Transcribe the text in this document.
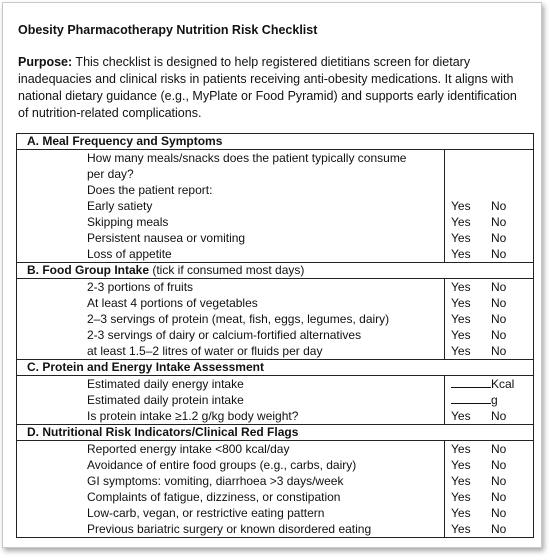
Obesity Pharmacotherapy Nutrition Risk Checklist
Purpose: This checklist is designed to help registered dietitians screen for dietary inadequacies and clinical risks in patients receiving anti-obesity medications. It aligns with national dietary guidance (e.g., MyPlate or Food Pyramid) and supports early identification of nutrition-related complications.
A. Meal Frequency and Symptoms	
How many meals/snacks does the patient typically consume	
per day?	
Does the patient report:	
Early satiety	Yes No
Skipping meals	Yes No
Persistent nausea or vomiting	Yes No
Loss of appetite	Yes No
B. Food Group Intake (tick if consumed most days)	
2-3 portions of fruits	Yes No
At least 4 portions of vegetables	Yes No
2–3 servings of protein (meat, fish, eggs, legumes, dairy)	Yes No
2-3 servings of dairy or calcium-fortified alternatives	Yes No
at least 1.5–2 litres of water or fluids per day	Yes No
C. Protein and Energy Intake Assessment	
Estimated daily energy intake	Kcal
Estimated daily protein intake	g
Is protein intake ≥1.2 g/kg body weight?	Yes No
D. Nutritional Risk Indicators/Clinical Red Flags	
Reported energy intake <800 kcal/day	Yes No
Avoidance of entire food groups (e.g., carbs, dairy)	Yes No
GI symptoms: vomiting, diarrhoea >3 days/week	Yes No
Complaints of fatigue, dizziness, or constipation	Yes No
Low-carb, vegan, or restrictive eating pattern	Yes No
Previous bariatric surgery or known disordered eating	Yes No
